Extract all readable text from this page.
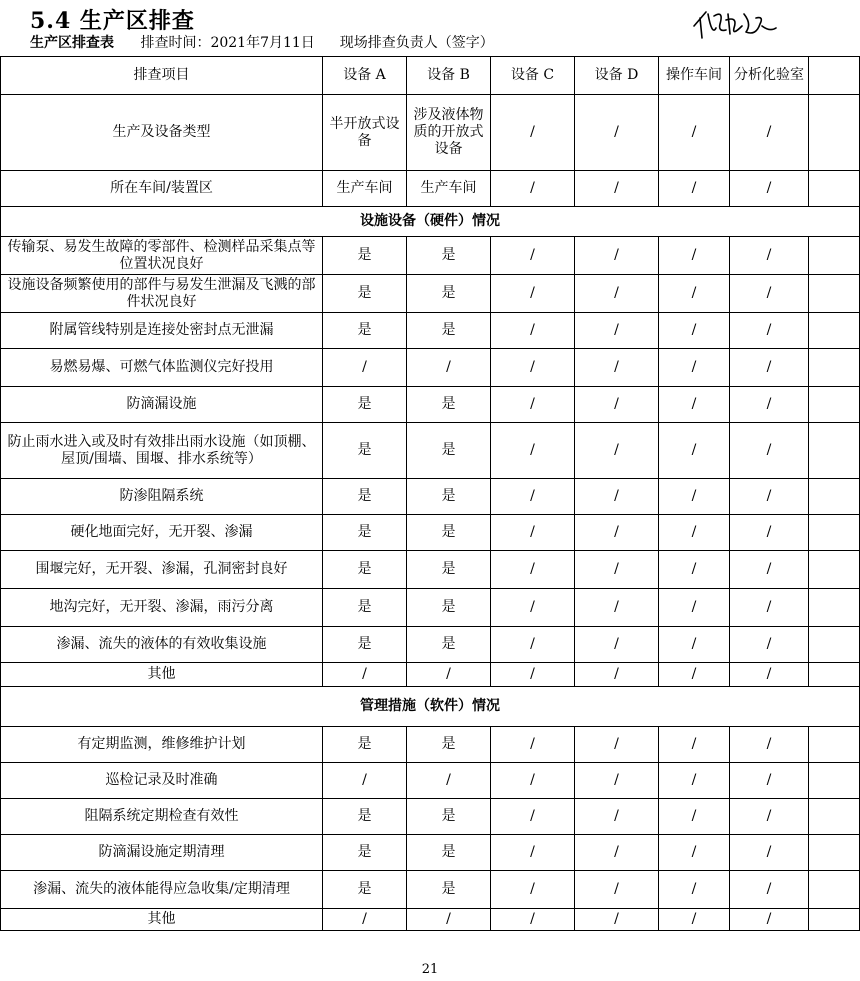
5.4 生产区排查
生产区排查表 排查时间：2021年7月11日 现场排查负责人（签字）
排查项目	设备 A	设备 B	设备 C	设备 D	操作车间	分析化验室	
生产及设备类型	半开放式设备	涉及液体物质的开放式设备	/	/	/	/	
所在车间/装置区	生产车间	生产车间	/	/	/	/	
设施设备（硬件）情况							
传输泵、易发生故障的零部件、检测样品采集点等位置状况良好	是	是	/	/	/	/	
设施设备频繁使用的部件与易发生泄漏及飞溅的部件状况良好	是	是	/	/	/	/	
附属管线特别是连接处密封点无泄漏	是	是	/	/	/	/	
易燃易爆、可燃气体监测仪完好投用	/	/	/	/	/	/	
防滴漏设施	是	是	/	/	/	/	
防止雨水进入或及时有效排出雨水设施（如顶棚、屋顶/围墙、围堰、排水系统等）	是	是	/	/	/	/	
防渗阻隔系统	是	是	/	/	/	/	
硬化地面完好，无开裂、渗漏	是	是	/	/	/	/	
围堰完好，无开裂、渗漏，孔洞密封良好	是	是	/	/	/	/	
地沟完好，无开裂、渗漏，雨污分离	是	是	/	/	/	/	
渗漏、流失的液体的有效收集设施	是	是	/	/	/	/	
其他	/	/	/	/	/	/	
管理措施（软件）情况							
有定期监测，维修维护计划	是	是	/	/	/	/	
巡检记录及时准确	/	/	/	/	/	/	
阻隔系统定期检查有效性	是	是	/	/	/	/	
防滴漏设施定期清理	是	是	/	/	/	/	
渗漏、流失的液体能得应急收集/定期清理	是	是	/	/	/	/	
其他	/	/	/	/	/	/	
21
